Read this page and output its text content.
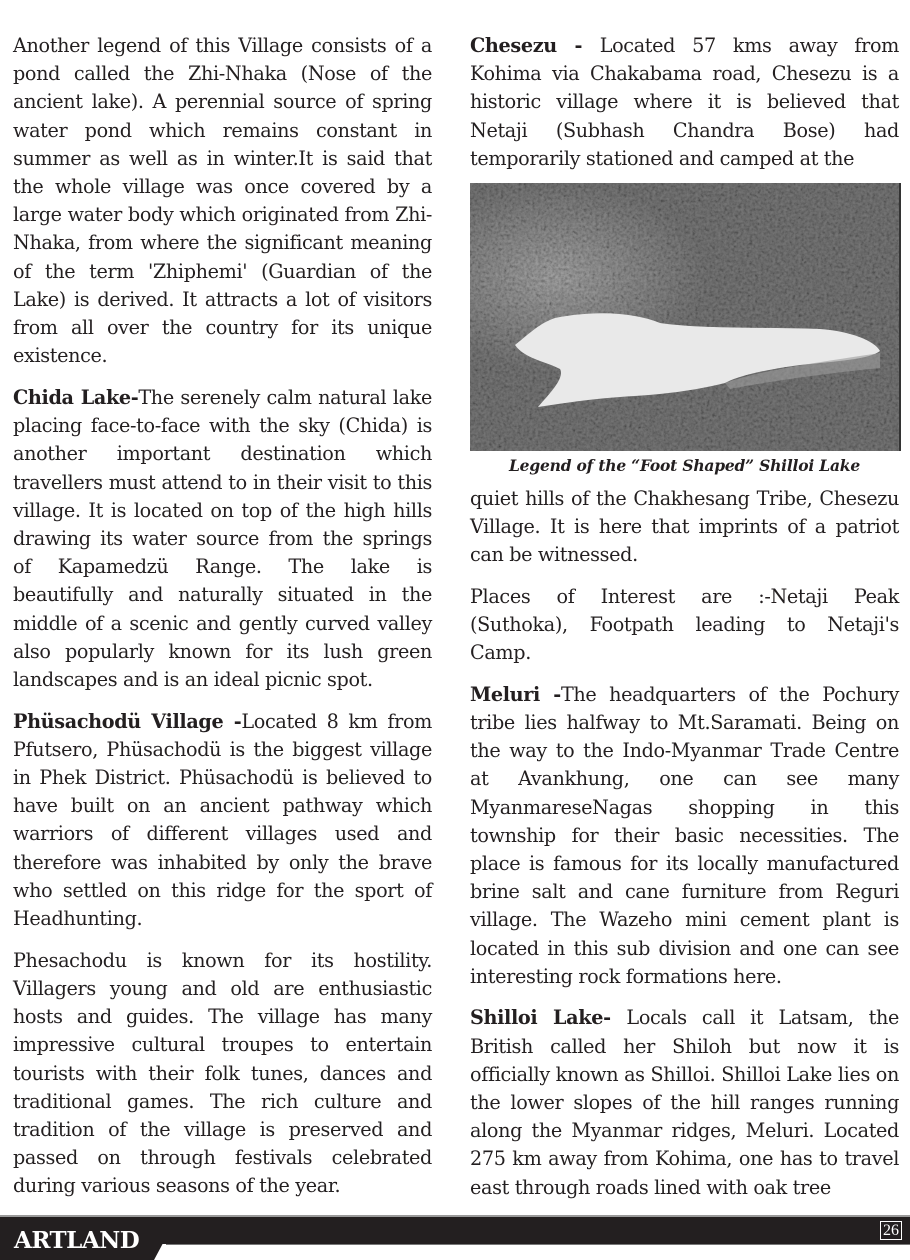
Another legend of this Village consists of a pond called the Zhi-Nhaka (Nose of the ancient lake). A perennial source of spring water pond which remains constant in summer as well as in winter.It is said that the whole village was once covered by a large water body which originated from Zhi-Nhaka, from where the significant meaning of the term 'Zhiphemi' (Guardian of the Lake) is derived. It attracts a lot of visitors from all over the country for its unique existence.

Chida Lake-The serenely calm natural lake placing face-to-face with the sky (Chida) is another important destination which travellers must attend to in their visit to this village. It is located on top of the high hills drawing its water source from the springs of Kapamedzü Range. The lake is beautifully and naturally situated in the middle of a scenic and gently curved valley also popularly known for its lush green landscapes and is an ideal picnic spot.

Phüsachodü Village -Located 8 km from Pfutsero, Phüsachodü is the biggest village in Phek District. Phüsachodü is believed to have built on an ancient pathway which warriors of different villages used and therefore was inhabited by only the brave who settled on this ridge for the sport of Headhunting.

Phesachodu is known for its hostility. Villagers young and old are enthusiastic hosts and guides. The village has many impressive cultural troupes to entertain tourists with their folk tunes, dances and traditional games. The rich culture and tradition of the village is preserved and passed on through festivals celebrated during various seasons of the year.

Chesezu - Located 57 kms away from Kohima via Chakabama road, Chesezu is a historic village where it is believed that Netaji (Subhash Chandra Bose) had temporarily stationed and camped at the

Legend of the “Foot Shaped” Shilloi Lake

quiet hills of the Chakhesang Tribe, Chesezu Village. It is here that imprints of a patriot can be witnessed.

Places of Interest are :-Netaji Peak (Suthoka), Footpath leading to Netaji's Camp.

Meluri -The headquarters of the Pochury tribe lies halfway to Mt.Saramati. Being on the way to the Indo-Myanmar Trade Centre at Avankhung, one can see many MyanmareseNagas shopping in this township for their basic necessities. The place is famous for its locally manufactured brine salt and cane furniture from Reguri village. The Wazeho mini cement plant is located in this sub division and one can see interesting rock formations here.

Shilloi Lake- Locals call it Latsam, the British called her Shiloh but now it is officially known as Shilloi. Shilloi Lake lies on the lower slopes of the hill ranges running along the Myanmar ridges, Meluri. Located 275 km away from Kohima, one has to travel east through roads lined with oak tree

ARTLAND	26
